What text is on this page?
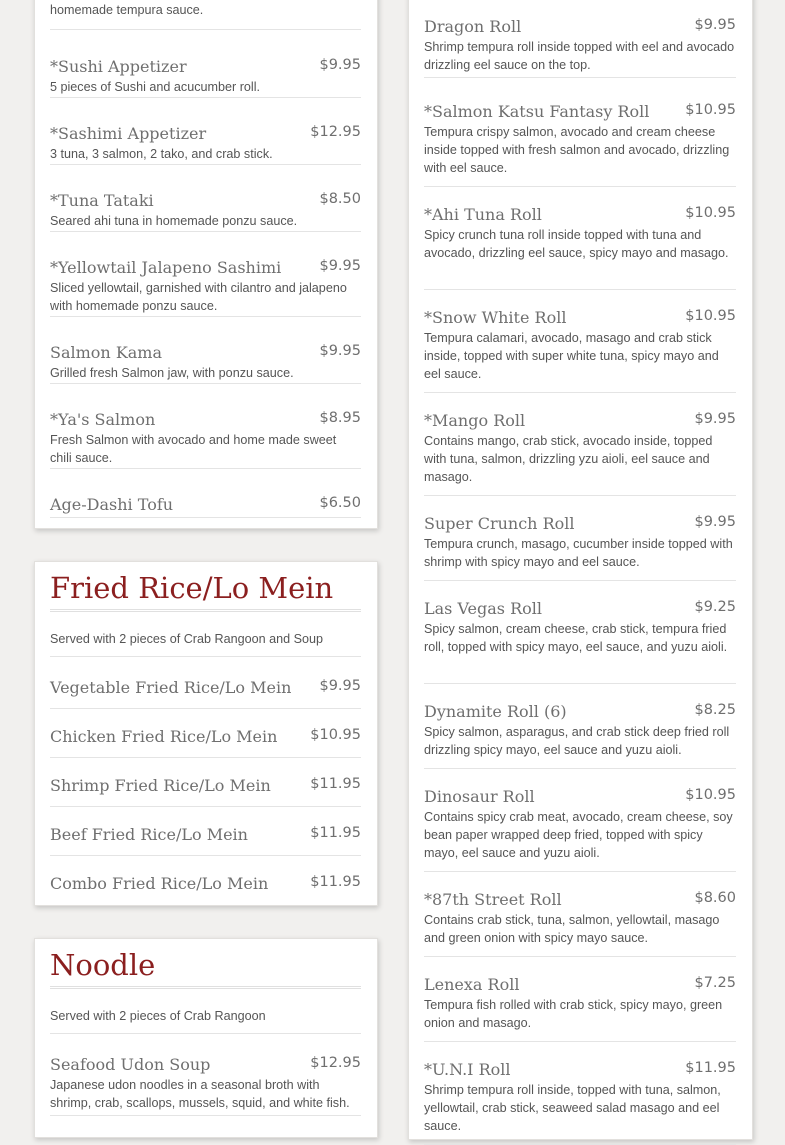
homemade tempura sauce.
*Sushi Appetizer	$9.95
5 pieces of Sushi and acucumber roll.
*Sashimi Appetizer	$12.95
3 tuna, 3 salmon, 2 tako, and crab stick.
*Tuna Tataki	$8.50
Seared ahi tuna in homemade ponzu sauce.
*Yellowtail Jalapeno Sashimi	$9.95
Sliced yellowtail, garnished with cilantro and jalapeno with homemade ponzu sauce.
Salmon Kama	$9.95
Grilled fresh Salmon jaw, with ponzu sauce.
*Ya's Salmon	$8.95
Fresh Salmon with avocado and home made sweet chili sauce.
Age-Dashi Tofu	$6.50
Fried Rice/Lo Mein
Served with 2 pieces of Crab Rangoon and Soup
Vegetable Fried Rice/Lo Mein $9.95
Chicken Fried Rice/Lo Mein $10.95
Shrimp Fried Rice/Lo Mein	$11.95
Beef Fried Rice/Lo Mein	$11.95
Combo Fried Rice/Lo Mein	$11.95
Noodle
Served with 2 pieces of Crab Rangoon
Seafood Udon Soup	$12.95
Japanese udon noodles in a seasonal broth with shrimp, crab, scallops, mussels, squid, and white fish.
Dragon Roll	$9.95
Shrimp tempura roll inside topped with eel and avocado drizzling eel sauce on the top.
*Salmon Katsu Fantasy Roll $10.95
Tempura crispy salmon, avocado and cream cheese inside topped with fresh salmon and avocado, drizzling with eel sauce.
*Ahi Tuna Roll	$10.95
Spicy crunch tuna roll inside topped with tuna and avocado, drizzling eel sauce, spicy mayo and masago.
*Snow White Roll	$10.95
Tempura calamari, avocado, masago and crab stick inside, topped with super white tuna, spicy mayo and eel sauce.
*Mango Roll	$9.95
Contains mango, crab stick, avocado inside, topped with tuna, salmon, drizzling yzu aioli, eel sauce and masago.
Super Crunch Roll	$9.95
Tempura crunch, masago, cucumber inside topped with shrimp with spicy mayo and eel sauce.
Las Vegas Roll	$9.25
Spicy salmon, cream cheese, crab stick, tempura fried roll, topped with spicy mayo, eel sauce, and yuzu aioli.
Dynamite Roll (6)	$8.25
Spicy salmon, asparagus, and crab stick deep fried roll drizzling spicy mayo, eel sauce and yuzu aioli.
Dinosaur Roll	$10.95
Contains spicy crab meat, avocado, cream cheese, soy bean paper wrapped deep fried, topped with spicy mayo, eel sauce and yuzu aioli.
*87th Street Roll	$8.60
Contains crab stick, tuna, salmon, yellowtail, masago and green onion with spicy mayo sauce.
Lenexa Roll	$7.25
Tempura fish rolled with crab stick, spicy mayo, green onion and masago.
*U.N.I Roll	$11.95
Shrimp tempura roll inside, topped with tuna, salmon, yellowtail, crab stick, seaweed salad masago and eel sauce.
